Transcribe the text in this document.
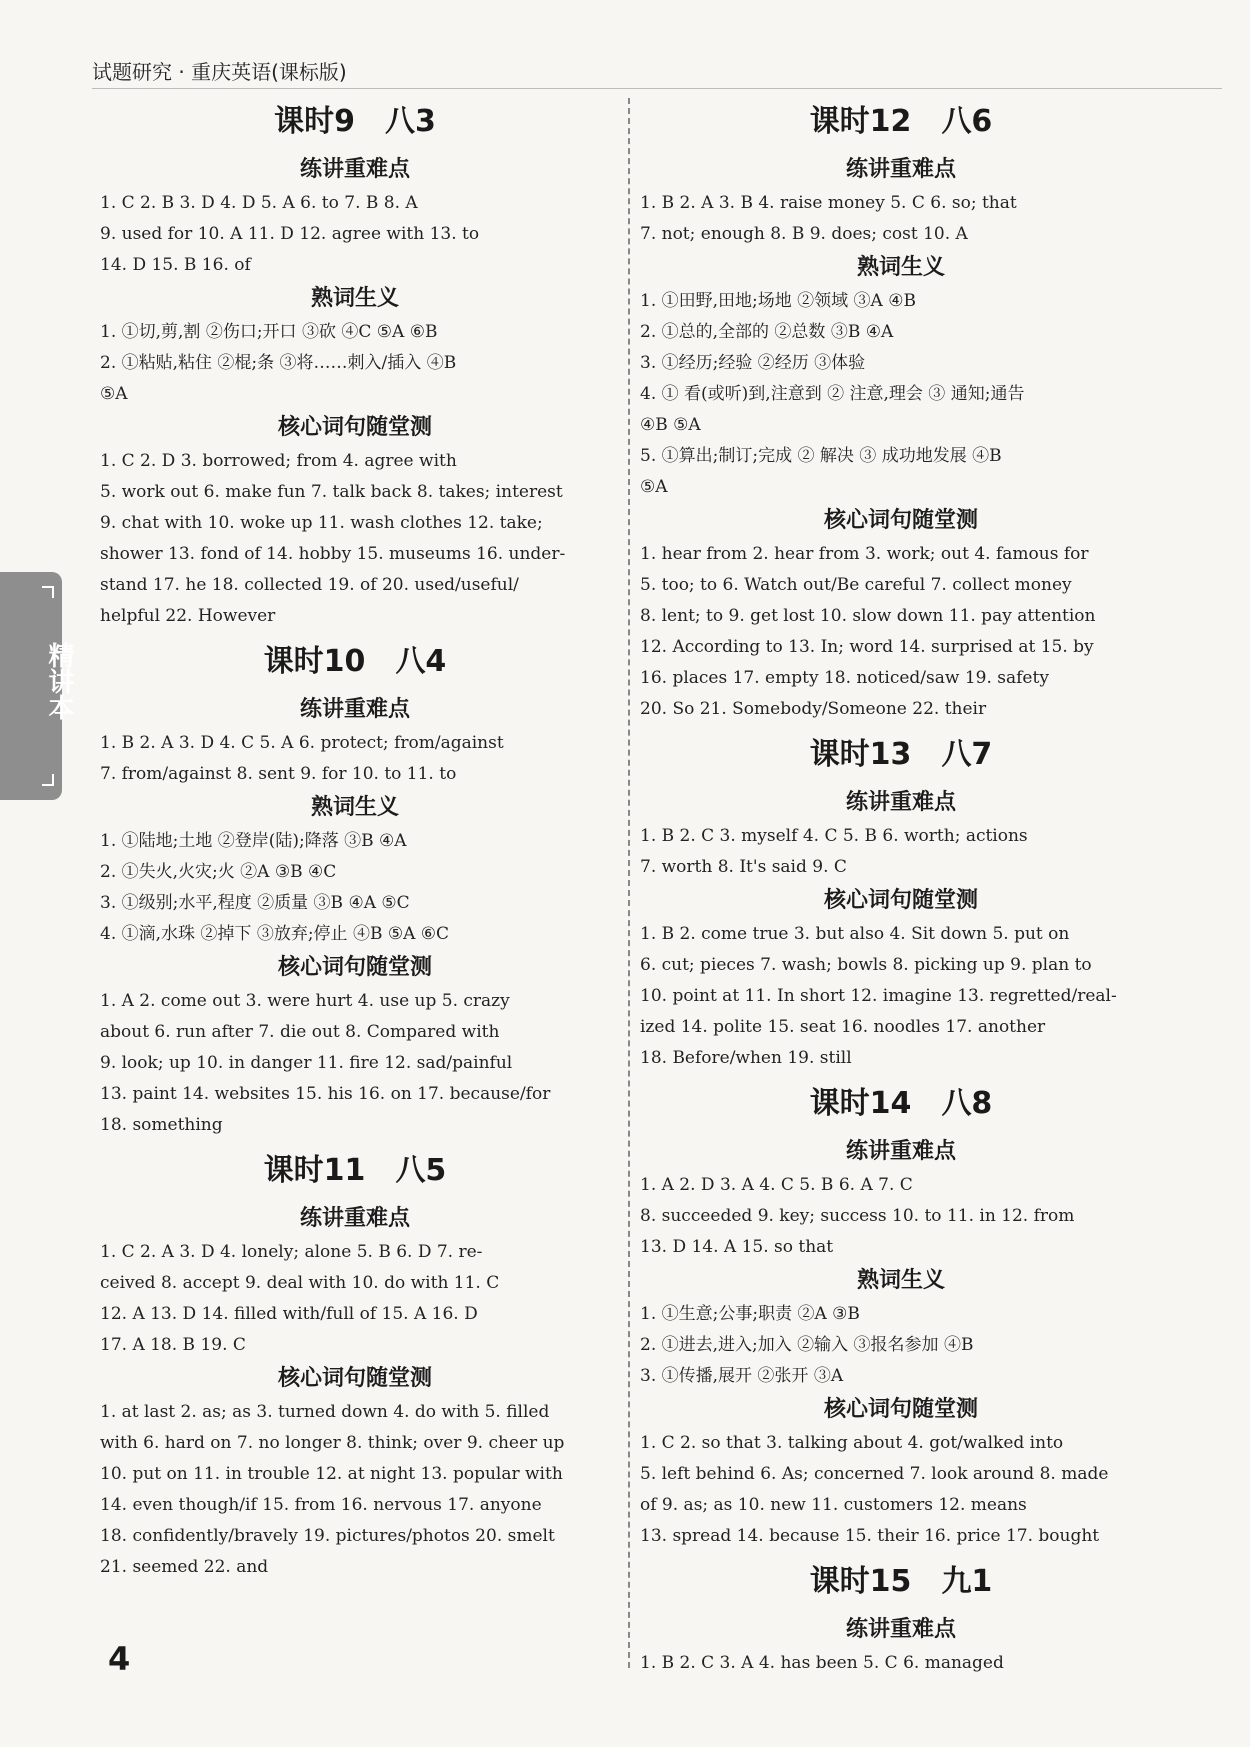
试题研究 · 重庆英语(课标版)
精讲本
课时9 八3
练讲重难点
1. C 2. B 3. D 4. D 5. A 6. to 7. B 8. A
9. used for 10. A 11. D 12. agree with 13. to
14. D 15. B 16. of
熟词生义
1. ①切,剪,割 ②伤口;开口 ③砍 ④C ⑤A ⑥B
2. ①粘贴,粘住 ②棍;条 ③将……刺入/插入 ④B
⑤A
核心词句随堂测
1. C 2. D 3. borrowed; from 4. agree with
5. work out 6. make fun 7. talk back 8. takes; interest
9. chat with 10. woke up 11. wash clothes 12. take;
shower 13. fond of 14. hobby 15. museums 16. under-
stand 17. he 18. collected 19. of 20. used/useful/
helpful 22. However
课时10 八4
练讲重难点
1. B 2. A 3. D 4. C 5. A 6. protect; from/against
7. from/against 8. sent 9. for 10. to 11. to
熟词生义
1. ①陆地;土地 ②登岸(陆);降落 ③B ④A
2. ①失火,火灾;火 ②A ③B ④C
3. ①级别;水平,程度 ②质量 ③B ④A ⑤C
4. ①滴,水珠 ②掉下 ③放弃;停止 ④B ⑤A ⑥C
核心词句随堂测
1. A 2. come out 3. were hurt 4. use up 5. crazy
about 6. run after 7. die out 8. Compared with
9. look; up 10. in danger 11. fire 12. sad/painful
13. paint 14. websites 15. his 16. on 17. because/for
18. something
课时11 八5
练讲重难点
1. C 2. A 3. D 4. lonely; alone 5. B 6. D 7. re-
ceived 8. accept 9. deal with 10. do with 11. C
12. A 13. D 14. filled with/full of 15. A 16. D
17. A 18. B 19. C
核心词句随堂测
1. at last 2. as; as 3. turned down 4. do with 5. filled
with 6. hard on 7. no longer 8. think; over 9. cheer up
10. put on 11. in trouble 12. at night 13. popular with
14. even though/if 15. from 16. nervous 17. anyone
18. confidently/bravely 19. pictures/photos 20. smelt
21. seemed 22. and
课时12 八6
练讲重难点
1. B 2. A 3. B 4. raise money 5. C 6. so; that
7. not; enough 8. B 9. does; cost 10. A
熟词生义
1. ①田野,田地;场地 ②领域 ③A ④B
2. ①总的,全部的 ②总数 ③B ④A
3. ①经历;经验 ②经历 ③体验
4. ① 看(或听)到,注意到 ② 注意,理会 ③ 通知;通告
④B ⑤A
5. ①算出;制订;完成 ② 解决 ③ 成功地发展 ④B
⑤A
核心词句随堂测
1. hear from 2. hear from 3. work; out 4. famous for
5. too; to 6. Watch out/Be careful 7. collect money
8. lent; to 9. get lost 10. slow down 11. pay attention
12. According to 13. In; word 14. surprised at 15. by
16. places 17. empty 18. noticed/saw 19. safety
20. So 21. Somebody/Someone 22. their
课时13 八7
练讲重难点
1. B 2. C 3. myself 4. C 5. B 6. worth; actions
7. worth 8. It's said 9. C
核心词句随堂测
1. B 2. come true 3. but also 4. Sit down 5. put on
6. cut; pieces 7. wash; bowls 8. picking up 9. plan to
10. point at 11. In short 12. imagine 13. regretted/real-
ized 14. polite 15. seat 16. noodles 17. another
18. Before/when 19. still
课时14 八8
练讲重难点
1. A 2. D 3. A 4. C 5. B 6. A 7. C
8. succeeded 9. key; success 10. to 11. in 12. from
13. D 14. A 15. so that
熟词生义
1. ①生意;公事;职责 ②A ③B
2. ①进去,进入;加入 ②输入 ③报名参加 ④B
3. ①传播,展开 ②张开 ③A
核心词句随堂测
1. C 2. so that 3. talking about 4. got/walked into
5. left behind 6. As; concerned 7. look around 8. made
of 9. as; as 10. new 11. customers 12. means
13. spread 14. because 15. their 16. price 17. bought
课时15 九1
练讲重难点
1. B 2. C 3. A 4. has been 5. C 6. managed
4
